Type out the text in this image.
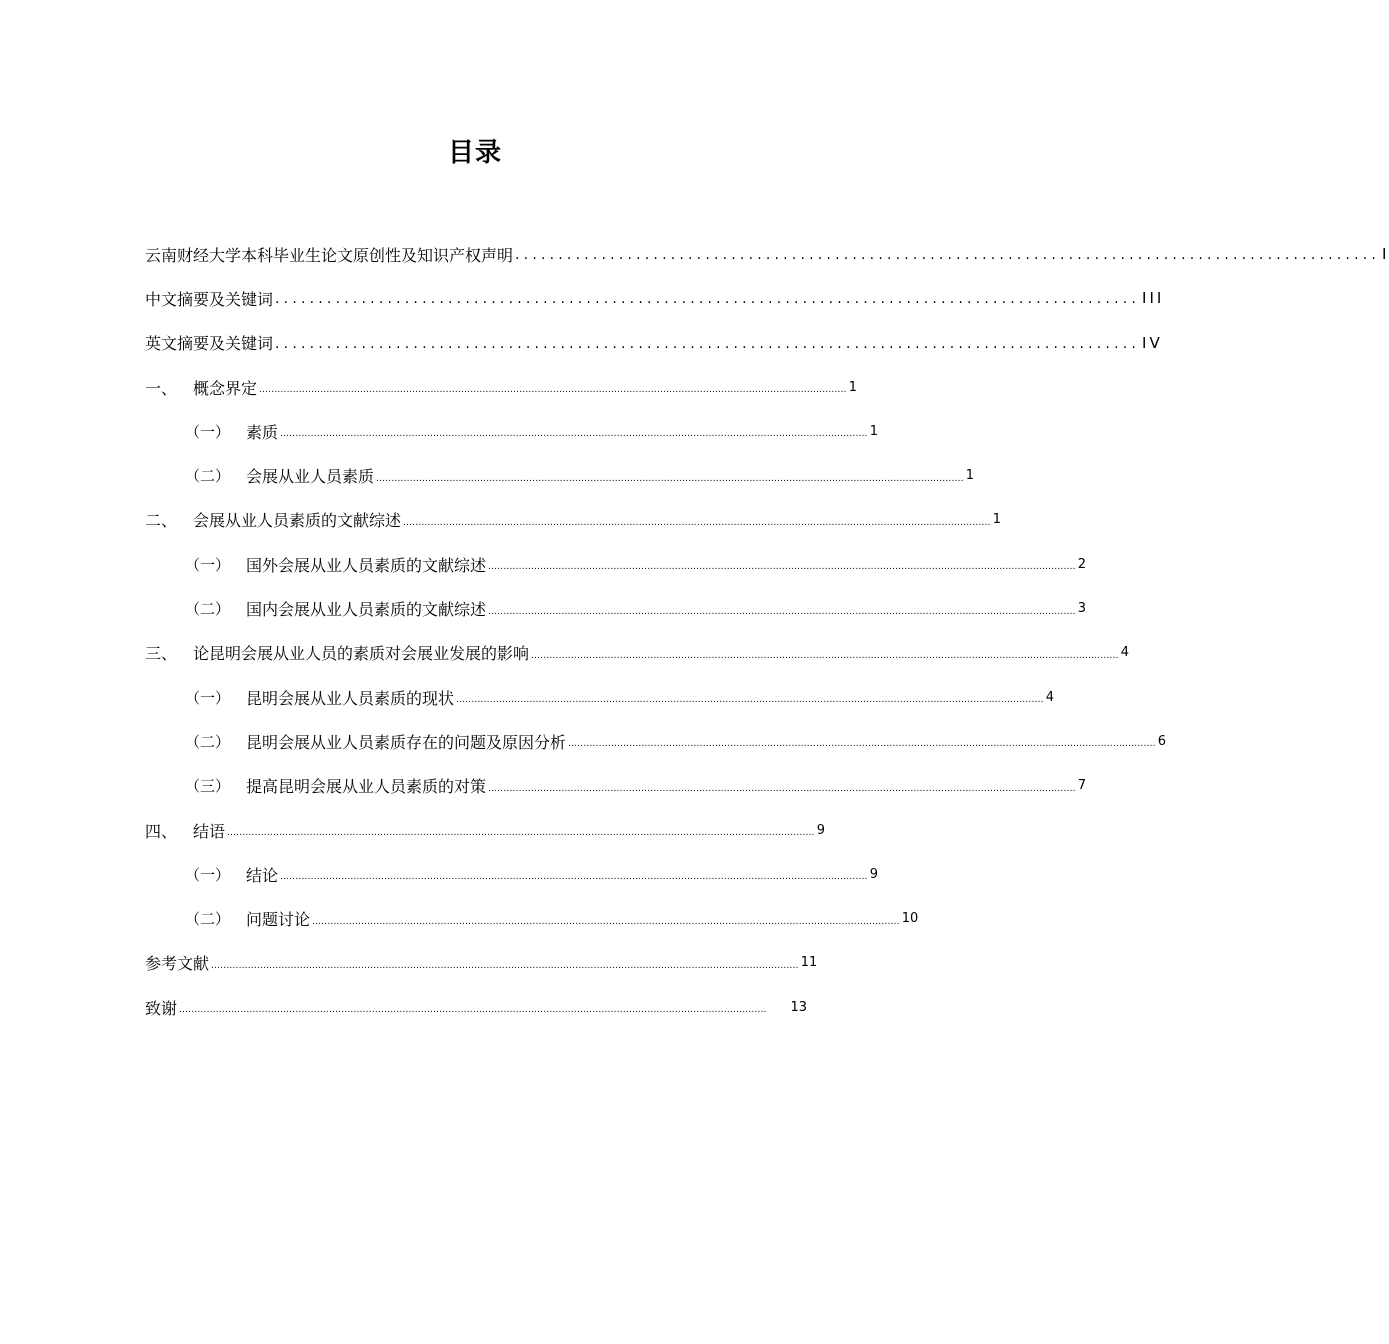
目录
云南财经大学本科毕业生论文原创性及知识产权声明 .................................................................................................... I
中文摘要及关键词 .................................................................................................... III
英文摘要及关键词 .................................................................................................... IV
一、 概念界定 ................................................................................................................................................................................................ 1
（一） 素质 ................................................................................................................................................................................................ 1
（二） 会展从业人员素质 ................................................................................................................................................................................................ 1
二、 会展从业人员素质的文献综述 ................................................................................................................................................................................................ 1
（一） 国外会展从业人员素质的文献综述 ................................................................................................................................................................................................ 2
（二） 国内会展从业人员素质的文献综述 ................................................................................................................................................................................................ 3
三、 论昆明会展从业人员的素质对会展业发展的影响 ................................................................................................................................................................................................ 4
（一） 昆明会展从业人员素质的现状 ................................................................................................................................................................................................ 4
（二） 昆明会展从业人员素质存在的问题及原因分析 ................................................................................................................................................................................................ 6
（三） 提高昆明会展从业人员素质的对策 ................................................................................................................................................................................................ 7
四、 结语 ................................................................................................................................................................................................ 9
（一） 结论 ................................................................................................................................................................................................ 9
（二） 问题讨论 ................................................................................................................................................................................................ 10
参考文献 ................................................................................................................................................................................................ 11
致谢 ................................................................................................................................................................................................	13
